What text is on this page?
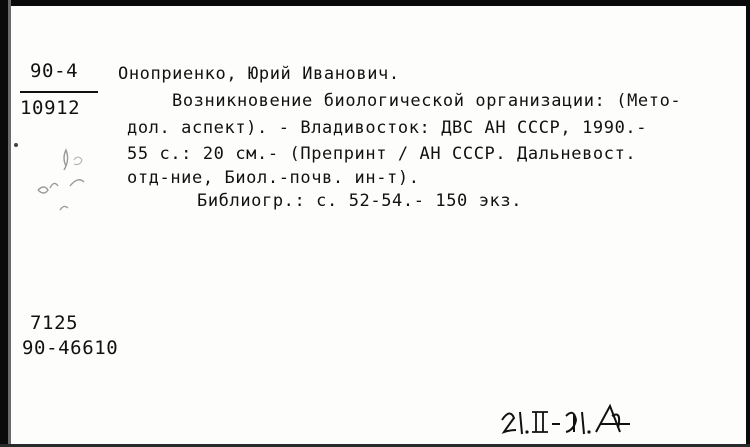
90-4
10912
Оноприенко, Юрий Иванович.
Возникновение биологической организации: (Мето-
дол. аспект). - Владивосток: ДВС АН СССР, 1990.-
55 с.: 20 см.- (Препринт / АН СССР. Дальневост.
отд-ние, Биол.-почв. ин-т).
Библиогр.: с. 52-54.- 150 экз.
7125
90-46610
